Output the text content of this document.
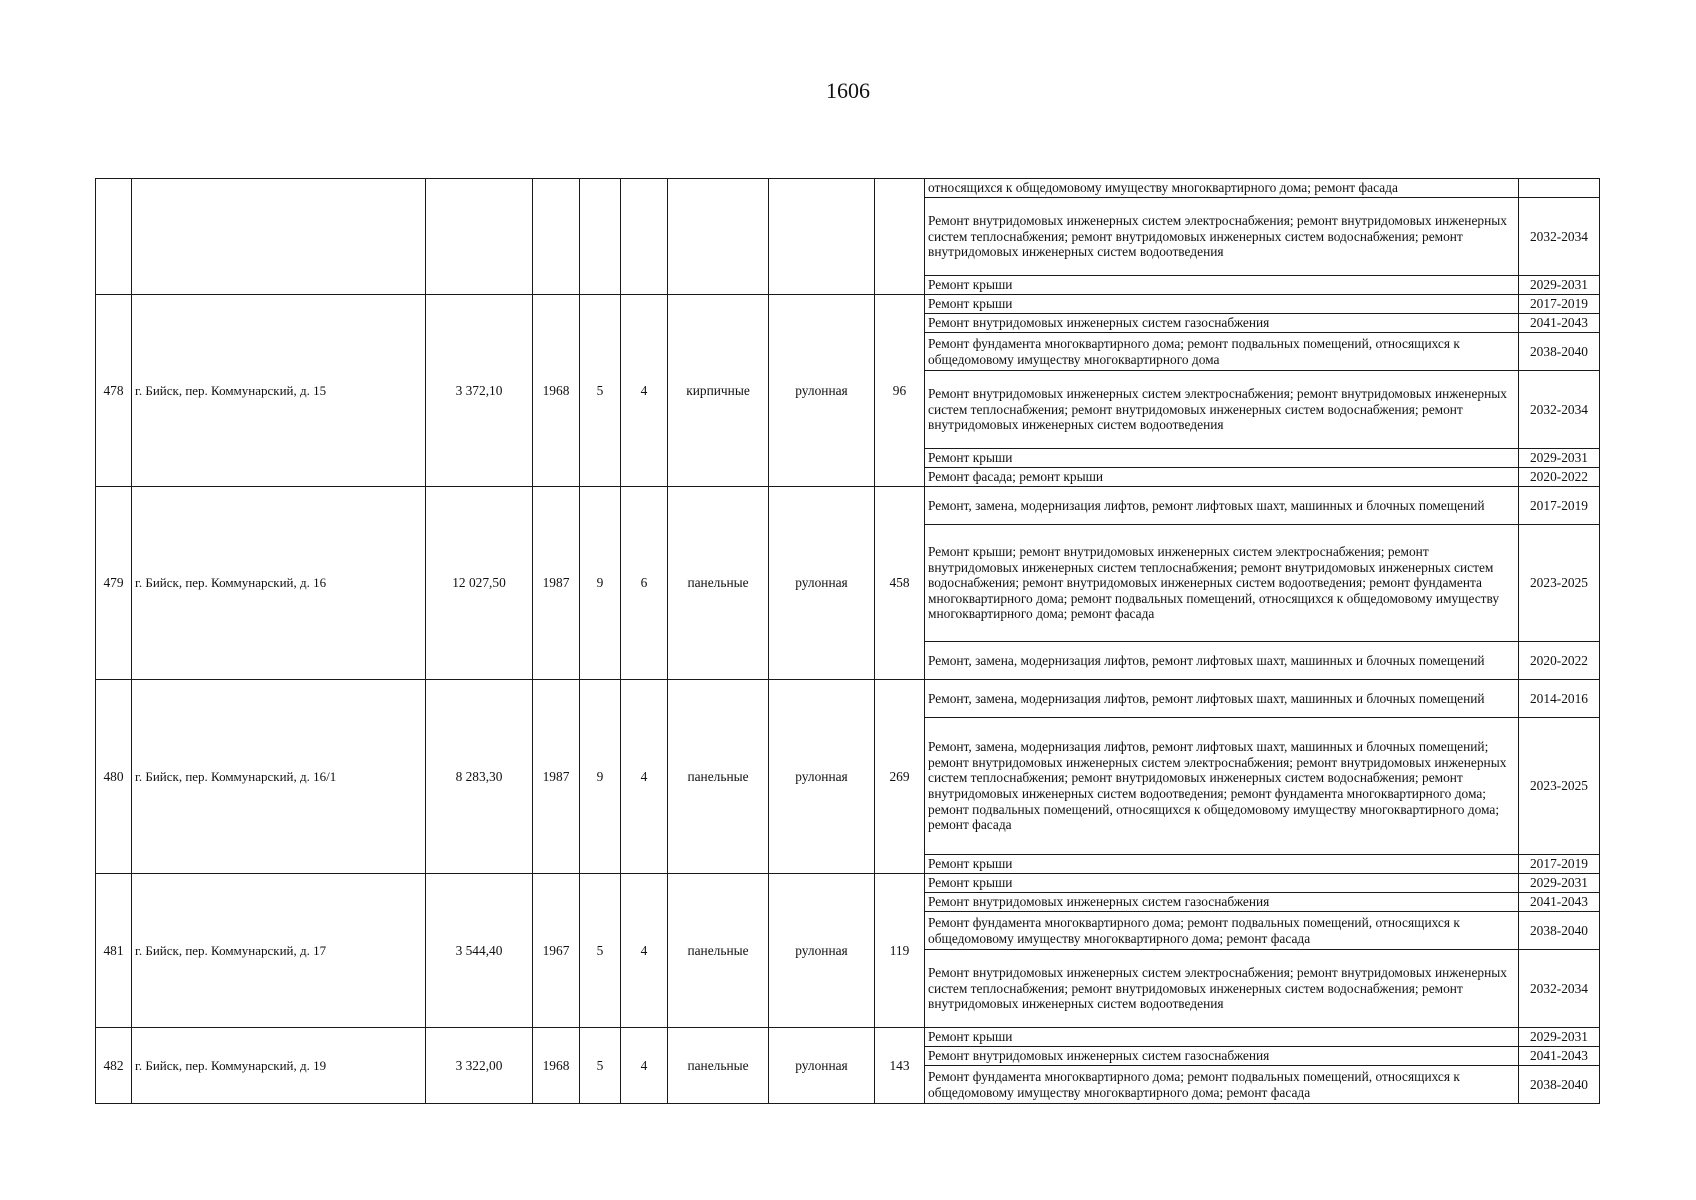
1606
									относящихся к общедомовому имуществу многоквартирного дома; ремонт фасада	
									Ремонт внутридомовых инженерных систем электроснабжения; ремонт внутридомовых инженерных систем теплоснабжения; ремонт внутридомовых инженерных систем водоснабжения; ремонт внутридомовых инженерных систем водоотведения	2032-2034
									Ремонт крыши	2029-2031
478	г. Бийск, пер. Коммунарский, д. 15	3 372,10	1968	5	4	кирпичные	рулонная	96	Ремонт крыши	2017-2019
									Ремонт внутридомовых инженерных систем газоснабжения	2041-2043
									Ремонт фундамента многоквартирного дома; ремонт подвальных помещений, относящихся к общедомовому имуществу многоквартирного дома	2038-2040
									Ремонт внутридомовых инженерных систем электроснабжения; ремонт внутридомовых инженерных систем теплоснабжения; ремонт внутридомовых инженерных систем водоснабжения; ремонт внутридомовых инженерных систем водоотведения	2032-2034
									Ремонт крыши	2029-2031
									Ремонт фасада; ремонт крыши	2020-2022
479	г. Бийск, пер. Коммунарский, д. 16	12 027,50	1987	9	6	панельные	рулонная	458	Ремонт, замена, модернизация лифтов, ремонт лифтовых шахт, машинных и блочных помещений	2017-2019
									Ремонт крыши; ремонт внутридомовых инженерных систем электроснабжения; ремонт внутридомовых инженерных систем теплоснабжения; ремонт внутридомовых инженерных систем водоснабжения; ремонт внутридомовых инженерных систем водоотведения; ремонт фундамента многоквартирного дома; ремонт подвальных помещений, относящихся к общедомовому имуществу многоквартирного дома; ремонт фасада	2023-2025
									Ремонт, замена, модернизация лифтов, ремонт лифтовых шахт, машинных и блочных помещений	2020-2022
480	г. Бийск, пер. Коммунарский, д. 16/1	8 283,30	1987	9	4	панельные	рулонная	269	Ремонт, замена, модернизация лифтов, ремонт лифтовых шахт, машинных и блочных помещений	2014-2016
									Ремонт, замена, модернизация лифтов, ремонт лифтовых шахт, машинных и блочных помещений; ремонт внутридомовых инженерных систем электроснабжения; ремонт внутридомовых инженерных систем теплоснабжения; ремонт внутридомовых инженерных систем водоснабжения; ремонт внутридомовых инженерных систем водоотведения; ремонт фундамента многоквартирного дома; ремонт подвальных помещений, относящихся к общедомовому имуществу многоквартирного дома; ремонт фасада	2023-2025
									Ремонт крыши	2017-2019
481	г. Бийск, пер. Коммунарский, д. 17	3 544,40	1967	5	4	панельные	рулонная	119	Ремонт крыши	2029-2031
									Ремонт внутридомовых инженерных систем газоснабжения	2041-2043
									Ремонт фундамента многоквартирного дома; ремонт подвальных помещений, относящихся к общедомовому имуществу многоквартирного дома; ремонт фасада	2038-2040
									Ремонт внутридомовых инженерных систем электроснабжения; ремонт внутридомовых инженерных систем теплоснабжения; ремонт внутридомовых инженерных систем водоснабжения; ремонт внутридомовых инженерных систем водоотведения	2032-2034
482	г. Бийск, пер. Коммунарский, д. 19	3 322,00	1968	5	4	панельные	рулонная	143	Ремонт крыши	2029-2031
									Ремонт внутридомовых инженерных систем газоснабжения	2041-2043
									Ремонт фундамента многоквартирного дома; ремонт подвальных помещений, относящихся к общедомовому имуществу многоквартирного дома; ремонт фасада	2038-2040
